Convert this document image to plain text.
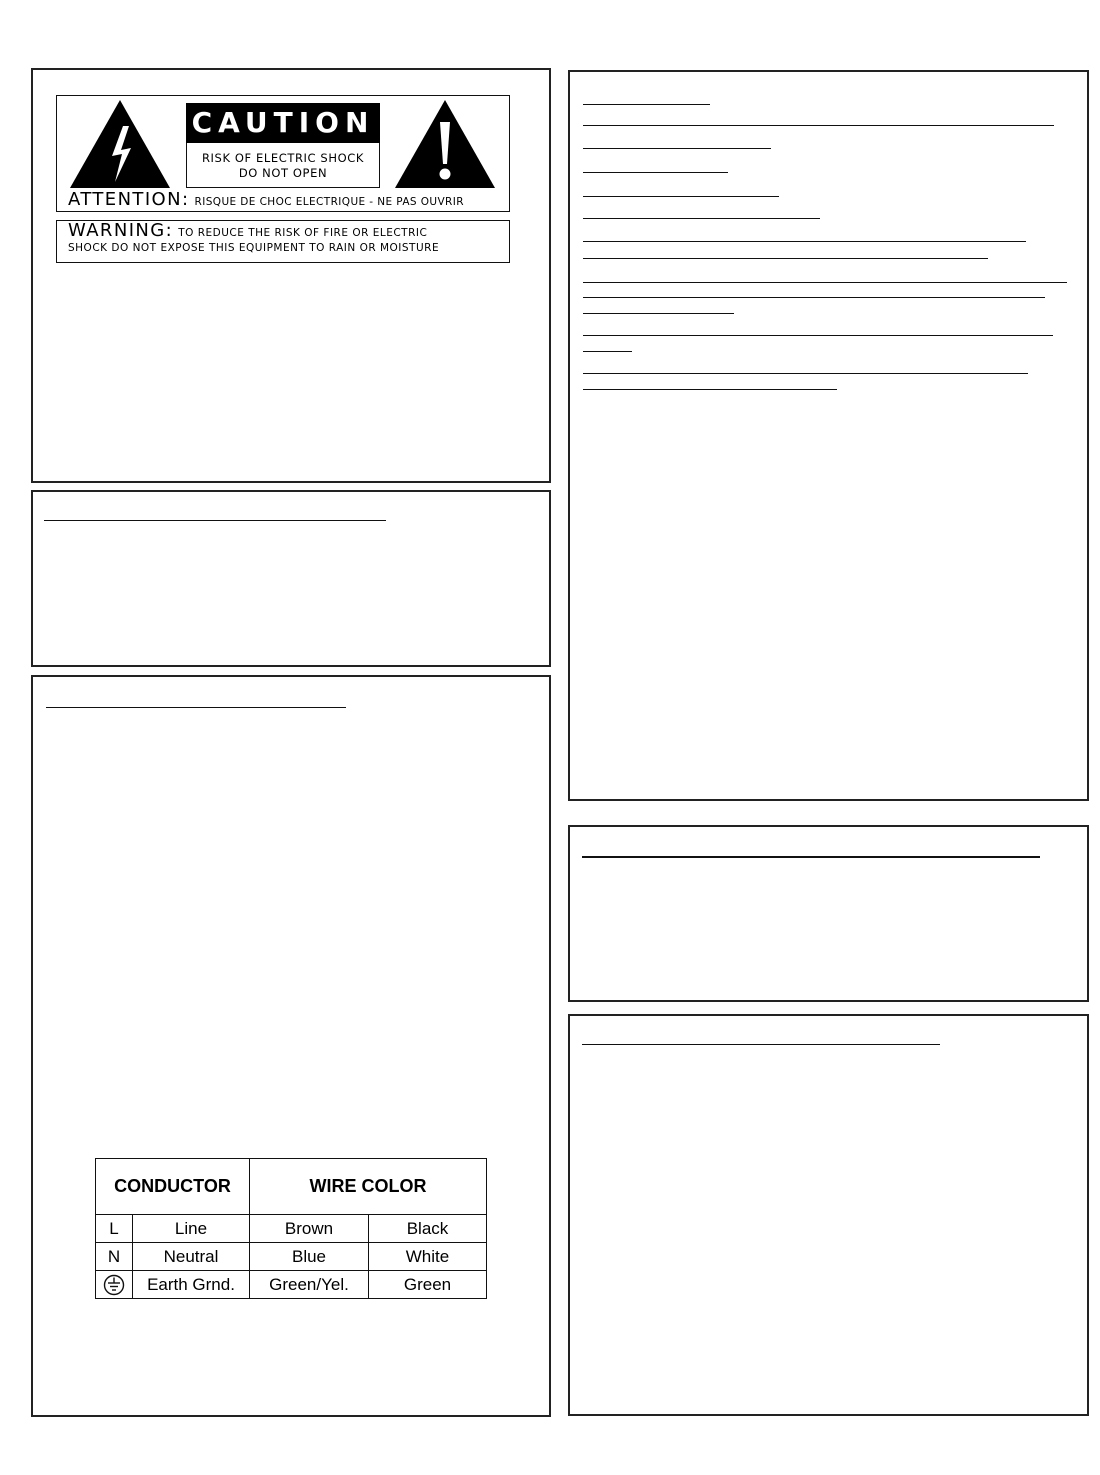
CAUTION
RISK OF ELECTRIC SHOCK
DO NOT OPEN
ATTENTION: RISQUE DE CHOC ELECTRIQUE - NE PAS OUVRIR
WARNING: TO REDUCE THE RISK OF FIRE OR ELECTRIC
SHOCK DO NOT EXPOSE THIS EQUIPMENT TO RAIN OR MOISTURE
CONDUCTOR		WIRE COLOR	
L	Line	Brown	Black
N	Neutral	Blue	White
	Earth Grnd.	Green/Yel.	Green
